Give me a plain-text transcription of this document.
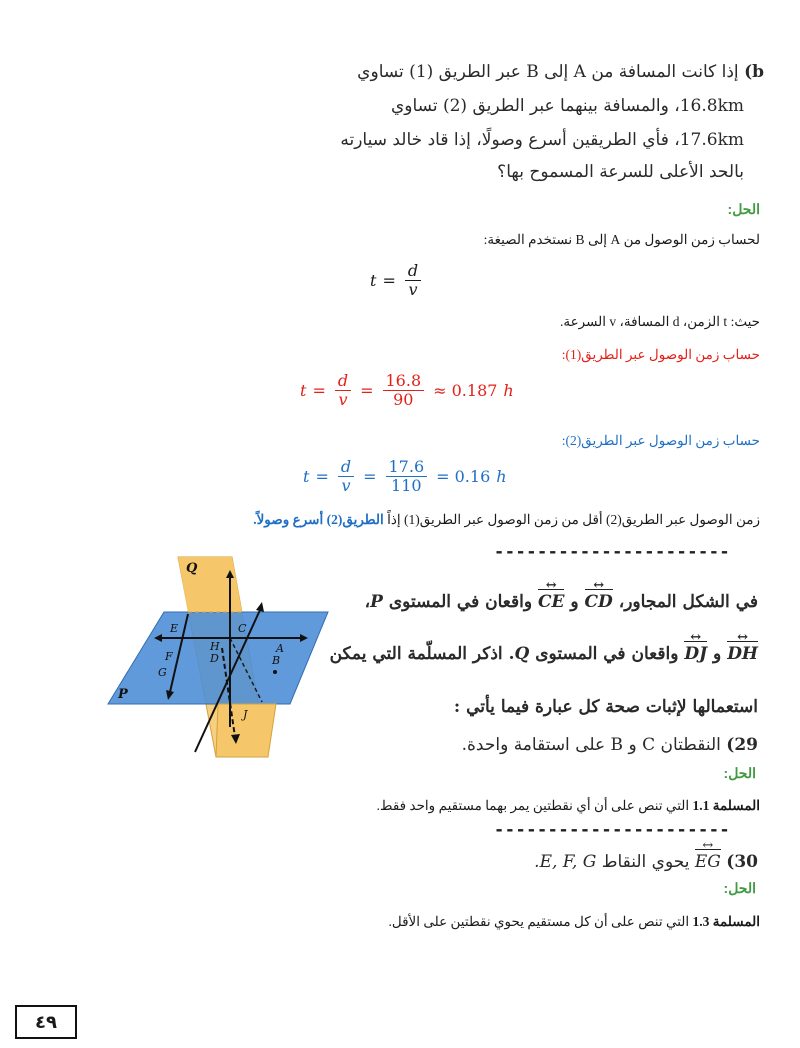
b) إذا كانت المسافة من A إلى B عبر الطريق (1) تساوي
16.8km، والمسافة بينهما عبر الطريق (2) تساوي
17.6km، فأي الطريقين أسرع وصولًا، إذا قاد خالد سيارته
بالحد الأعلى للسرعة المسموح بها؟
الحل:
لحساب زمن الوصول من A إلى B نستخدم الصيغة:
$t = \frac{d}{v}$
حيث: t الزمن، d المسافة، v السرعة.
حساب زمن الوصول عبر الطريق(1):
$t = \frac{d}{v} = \frac{16.8}{90} \approx 0.187$ h
حساب زمن الوصول عبر الطريق(2):
$t = \frac{d}{v} = \frac{17.6}{110} = 0.16$ h
زمن الوصول عبر الطريق(2) أقل من زمن الوصول عبر الطريق(1) إذاً الطريق(2) أسرع وصولاً.
----------------------
Q
P
E	C
F
H
D
A
G
B
J
في الشكل المجاور، CD ↔ و CE ↔ واقعان في المستوى P،
DH ↔ و DJ ↔ واقعان في المستوى Q. اذكر المسلّمة التي يمكن
استعمالها لإثبات صحة كل عبارة فيما يأتي :
29) النقطتان C و B على استقامة واحدة.
الحل:
المسلمة 1.1 التي تنص على أن أي نقطتين يمر بهما مستقيم واحد فقط.
----------------------
30) EG ↔ يحوي النقاط E, F, G.
الحل:
المسلمة 1.3 التي تنص على أن كل مستقيم يحوي نقطتين على الأقل.
٤٩
